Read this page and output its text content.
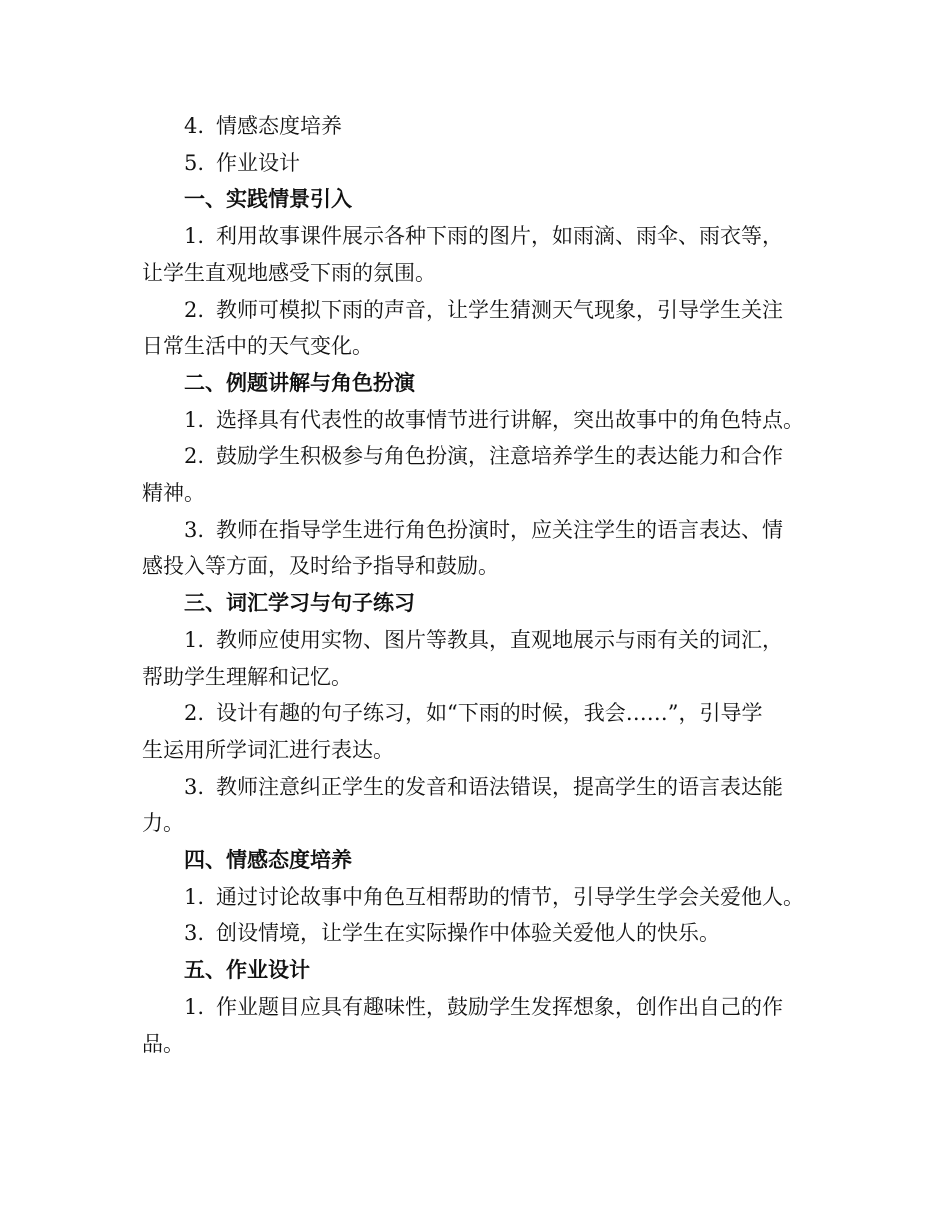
4. 情感态度培养
5. 作业设计
一、实践情景引入
1. 利用故事课件展示各种下雨的图片，如雨滴、雨伞、雨衣等，
让学生直观地感受下雨的氛围。
2. 教师可模拟下雨的声音，让学生猜测天气现象，引导学生关注
日常生活中的天气变化。
二、例题讲解与角色扮演
1. 选择具有代表性的故事情节进行讲解，突出故事中的角色特点。
2. 鼓励学生积极参与角色扮演，注意培养学生的表达能力和合作
精神。
3. 教师在指导学生进行角色扮演时，应关注学生的语言表达、情
感投入等方面，及时给予指导和鼓励。
三、词汇学习与句子练习
1. 教师应使用实物、图片等教具，直观地展示与雨有关的词汇，
帮助学生理解和记忆。
2. 设计有趣的句子练习，如“下雨的时候，我会……”，引导学
生运用所学词汇进行表达。
3. 教师注意纠正学生的发音和语法错误，提高学生的语言表达能
力。
四、情感态度培养
1. 通过讨论故事中角色互相帮助的情节，引导学生学会关爱他人。
3. 创设情境，让学生在实际操作中体验关爱他人的快乐。
五、作业设计
1. 作业题目应具有趣味性，鼓励学生发挥想象，创作出自己的作
品。
